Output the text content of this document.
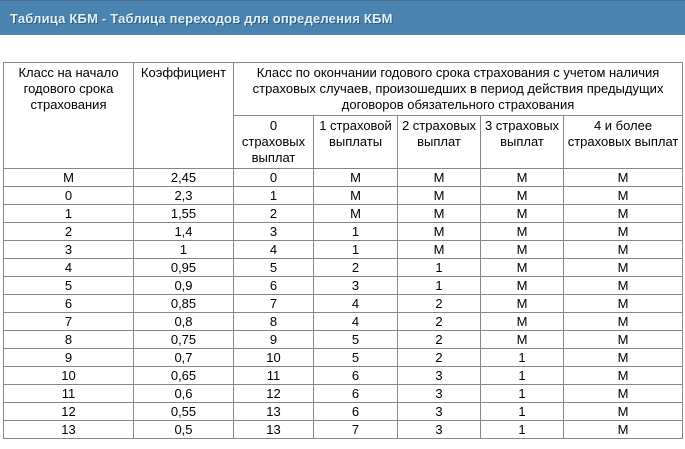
Таблица КБМ - Таблица переходов для определения КБМ
Класс на начало годового срока страхования	Коэффициент	Класс по окончании годового срока страхования с учетом наличия страховых случаев, произошедших в период действия предыдущих договоров обязательного страхования				
		0 страховых выплат	1 страховой выплаты	2 страховых выплат	3 страховых выплат	4 и более страховых выплат
М	2,45	0	М	М	М	М
0	2,3	1	М	М	М	М
1	1,55	2	М	М	М	М
2	1,4	3	1	М	М	М
3	1	4	1	М	М	М
4	0,95	5	2	1	М	М
5	0,9	6	3	1	М	М
6	0,85	7	4	2	М	М
7	0,8	8	4	2	М	М
8	0,75	9	5	2	М	М
9	0,7	10	5	2	1	М
10	0,65	11	6	3	1	М
11	0,6	12	6	3	1	М
12	0,55	13	6	3	1	М
13	0,5	13	7	3	1	М
